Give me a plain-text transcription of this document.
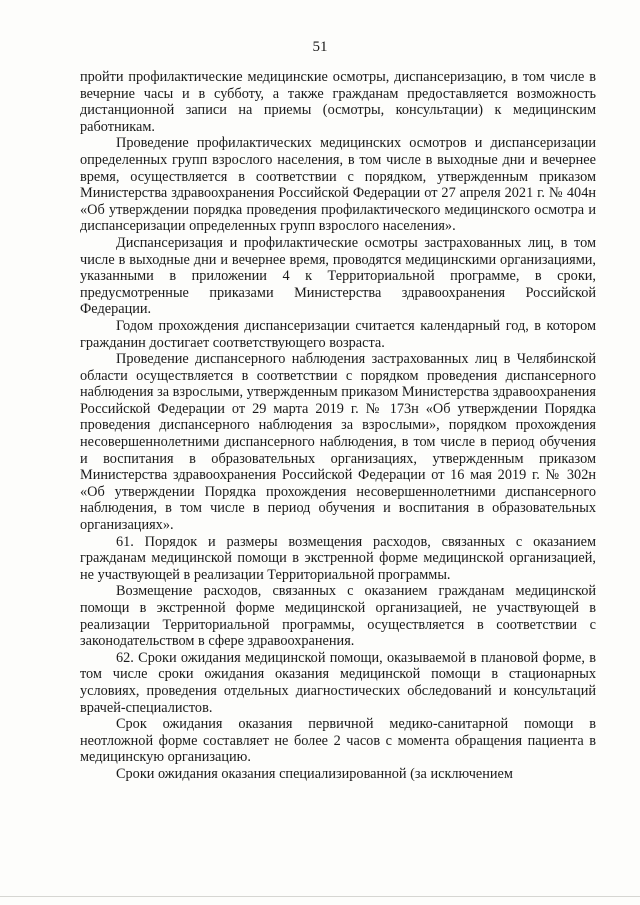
51

пройти профилактические медицинские осмотры, диспансеризацию, в том числе в вечерние часы и в субботу, а также гражданам предоставляется возможность дистанционной записи на приемы (осмотры, консультации) к медицинским работникам.

Проведение профилактических медицинских осмотров и диспансеризации определенных групп взрослого населения, в том числе в выходные дни и вечернее время, осуществляется в соответствии с порядком, утвержденным приказом Министерства здравоохранения Российской Федерации от 27 апреля 2021 г. № 404н «Об утверждении порядка проведения профилактического медицинского осмотра и диспансеризации определенных групп взрослого населения».

Диспансеризация и профилактические осмотры застрахованных лиц, в том числе в выходные дни и вечернее время, проводятся медицинскими организациями, указанными в приложении 4 к Территориальной программе, в сроки, предусмотренные приказами Министерства здравоохранения Российской Федерации.

Годом прохождения диспансеризации считается календарный год, в котором гражданин достигает соответствующего возраста.

Проведение диспансерного наблюдения застрахованных лиц в Челябинской области осуществляется в соответствии с порядком проведения диспансерного наблюдения за взрослыми, утвержденным приказом Министерства здравоохранения Российской Федерации от 29 марта 2019 г. № 173н «Об утверждении Порядка проведения диспансерного наблюдения за взрослыми», порядком прохождения несовершеннолетними диспансерного наблюдения, в том числе в период обучения и воспитания в образовательных организациях, утвержденным приказом Министерства здравоохранения Российской Федерации от 16 мая 2019 г. № 302н «Об утверждении Порядка прохождения несовершеннолетними диспансерного наблюдения, в том числе в период обучения и воспитания в образовательных организациях».

61. Порядок и размеры возмещения расходов, связанных с оказанием гражданам медицинской помощи в экстренной форме медицинской организацией, не участвующей в реализации Территориальной программы.

Возмещение расходов, связанных с оказанием гражданам медицинской помощи в экстренной форме медицинской организацией, не участвующей в реализации Территориальной программы, осуществляется в соответствии с законодательством в сфере здравоохранения.

62. Сроки ожидания медицинской помощи, оказываемой в плановой форме, в том числе сроки ожидания оказания медицинской помощи в стационарных условиях, проведения отдельных диагностических обследований и консультаций врачей-специалистов.

Срок ожидания оказания первичной медико-санитарной помощи в неотложной форме составляет не более 2 часов с момента обращения пациента в медицинскую организацию.

Сроки ожидания оказания специализированной (за исключением
